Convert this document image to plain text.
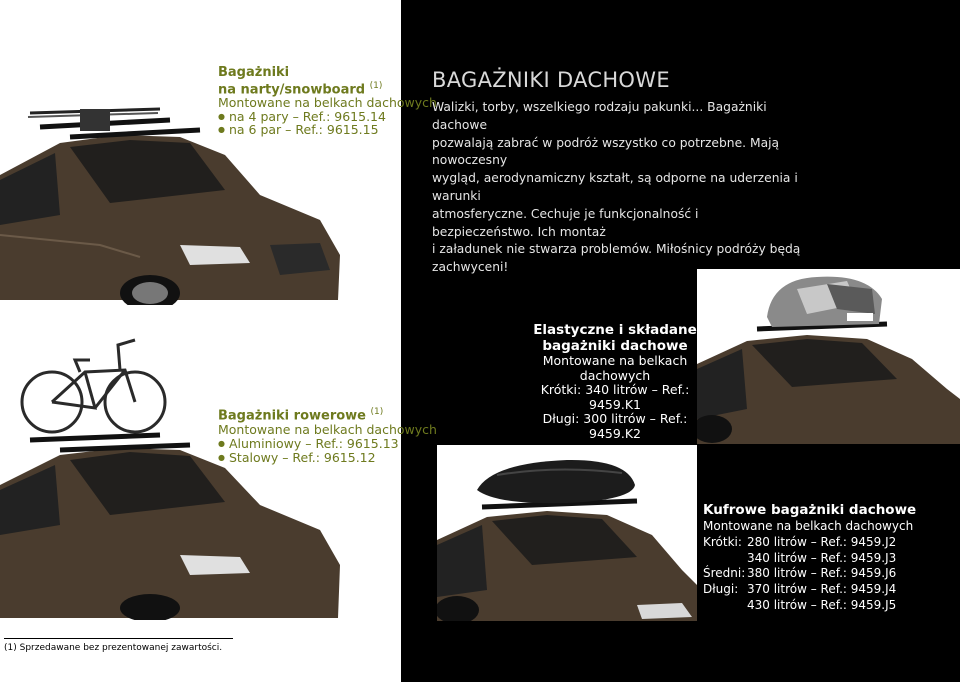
Bagażniki
na narty/snowboard $^{(1)}$
Montowane na belkach dachowych
● na 4 pary – Ref.: 9615.14
● na 6 par – Ref.: 9615.15
Bagażniki rowerowe $^{(1)}$
Montowane na belkach dachowych
● Aluminiowy – Ref.: 9615.13
● Stalowy – Ref.: 9615.12
BAGAŻNIKI DACHOWE
Walizki, torby, wszelkiego rodzaju pakunki... Bagażniki dachowe
pozwalają zabrać w podróż wszystko co potrzebne. Mają nowoczesny
wygląd, aerodynamiczny kształt, są odporne na uderzenia i warunki
atmosferyczne. Cechuje je funkcjonalność i bezpieczeństwo. Ich montaż
i załadunek nie stwarza problemów. Miłośnicy podróży będą zachwyceni!
Elastyczne i składane
bagażniki dachowe
Montowane na belkach dachowych
Krótki: 340 litrów – Ref.: 9459.K1
Długi: 300 litrów – Ref.: 9459.K2
Kufrowe bagażniki dachowe
Montowane na belkach dachowych
Krótki:	280 litrów – Ref.: 9459.J2
	340 litrów – Ref.: 9459.J3
Średni:	380 litrów – Ref.: 9459.J6
Długi:	370 litrów – Ref.: 9459.J4
	430 litrów – Ref.: 9459.J5
(1) Sprzedawane bez prezentowanej zawartości.
